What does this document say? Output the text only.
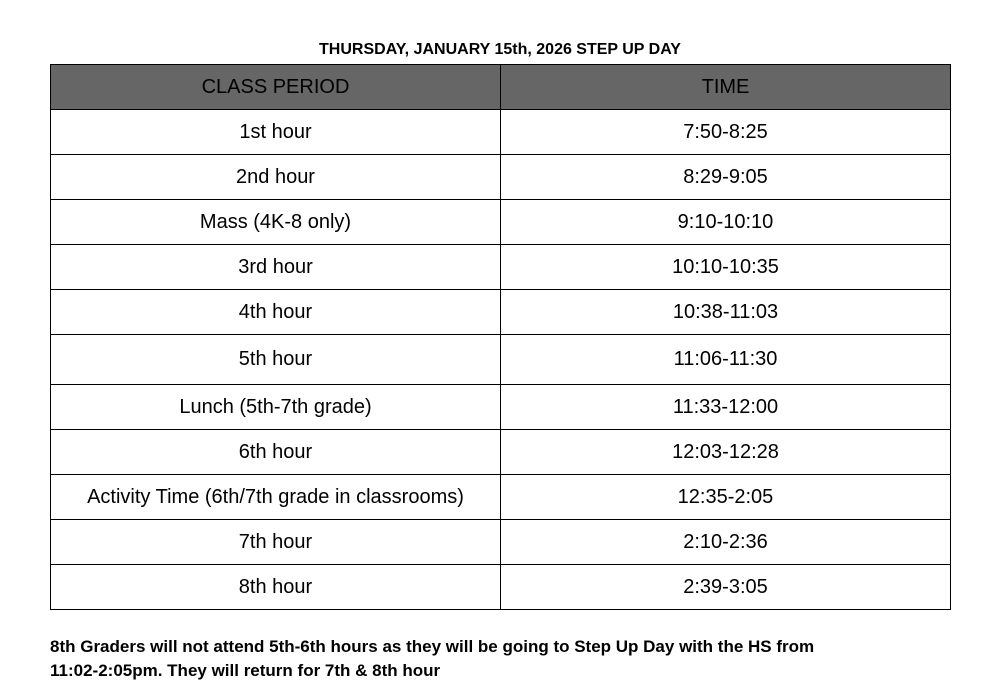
THURSDAY, JANUARY 15th, 2026 STEP UP DAY
CLASS PERIOD	TIME
1st hour	7:50-8:25
2nd hour	8:29-9:05
Mass (4K-8 only)	9:10-10:10
3rd hour	10:10-10:35
4th hour	10:38-11:03
5th hour	11:06-11:30
Lunch (5th-7th grade)	11:33-12:00
6th hour	12:03-12:28
Activity Time (6th/7th grade in classrooms)	12:35-2:05
7th hour	2:10-2:36
8th hour	2:39-3:05
8th Graders will not attend 5th-6th hours as they will be going to Step Up Day with the HS from
11:02-2:05pm. They will return for 7th & 8th hour
